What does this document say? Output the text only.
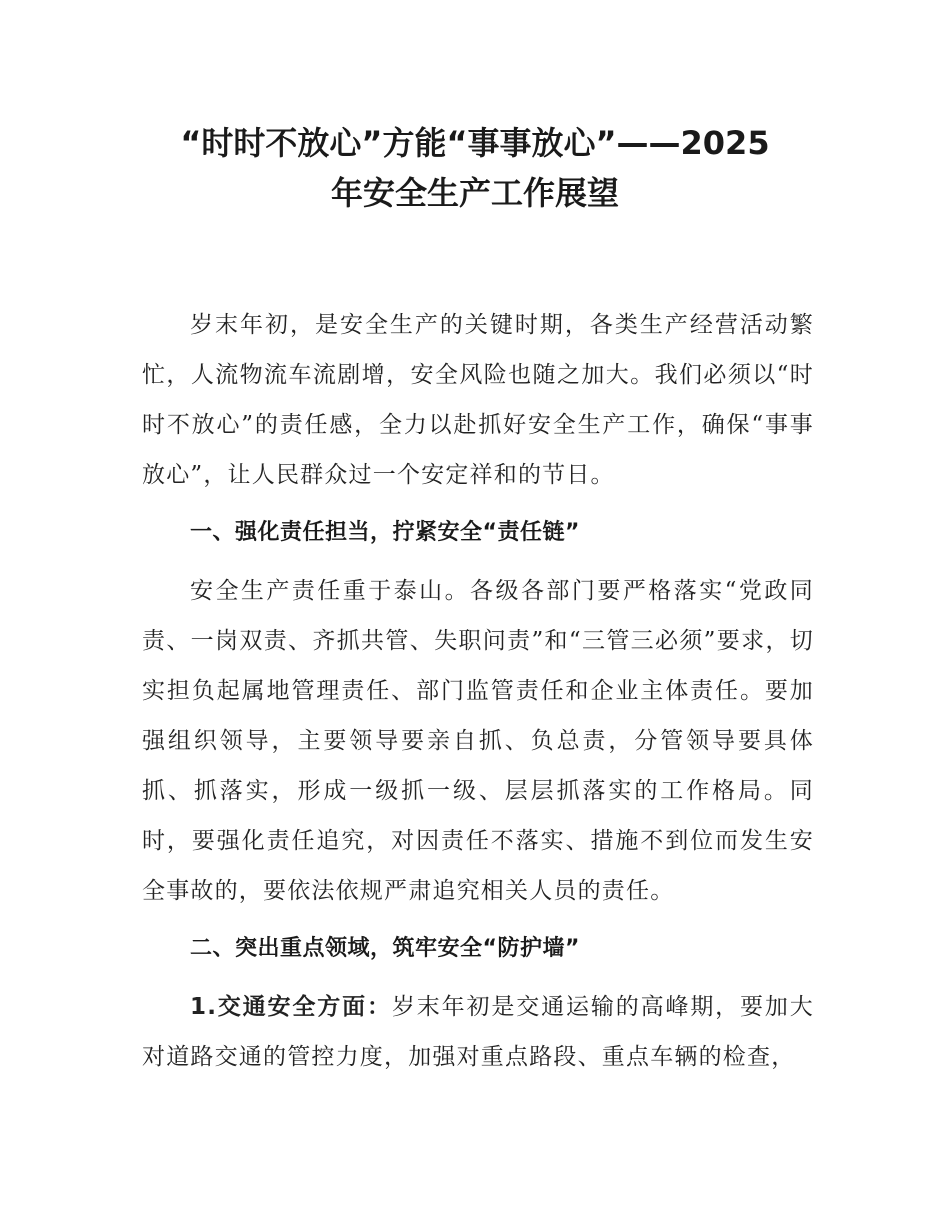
“时时不放心”方能“事事放心”——2025
年安全生产工作展望

岁末年初，是安全生产的关键时期，各类生产经营活动繁忙，人流物流车流剧增，安全风险也随之加大。我们必须以“时时不放心”的责任感，全力以赴抓好安全生产工作，确保“事事放心”，让人民群众过一个安定祥和的节日。

一、强化责任担当，拧紧安全“责任链”

安全生产责任重于泰山。各级各部门要严格落实“党政同责、一岗双责、齐抓共管、失职问责”和“三管三必须”要求，切实担负起属地管理责任、部门监管责任和企业主体责任。要加强组织领导，主要领导要亲自抓、负总责，分管领导要具体抓、抓落实，形成一级抓一级、层层抓落实的工作格局。同时，要强化责任追究，对因责任不落实、措施不到位而发生安全事故的，要依法依规严肃追究相关人员的责任。

二、突出重点领域，筑牢安全“防护墙”

1.交通安全方面：岁末年初是交通运输的高峰期，要加大对道路交通的管控力度，加强对重点路段、重点车辆的检查，
